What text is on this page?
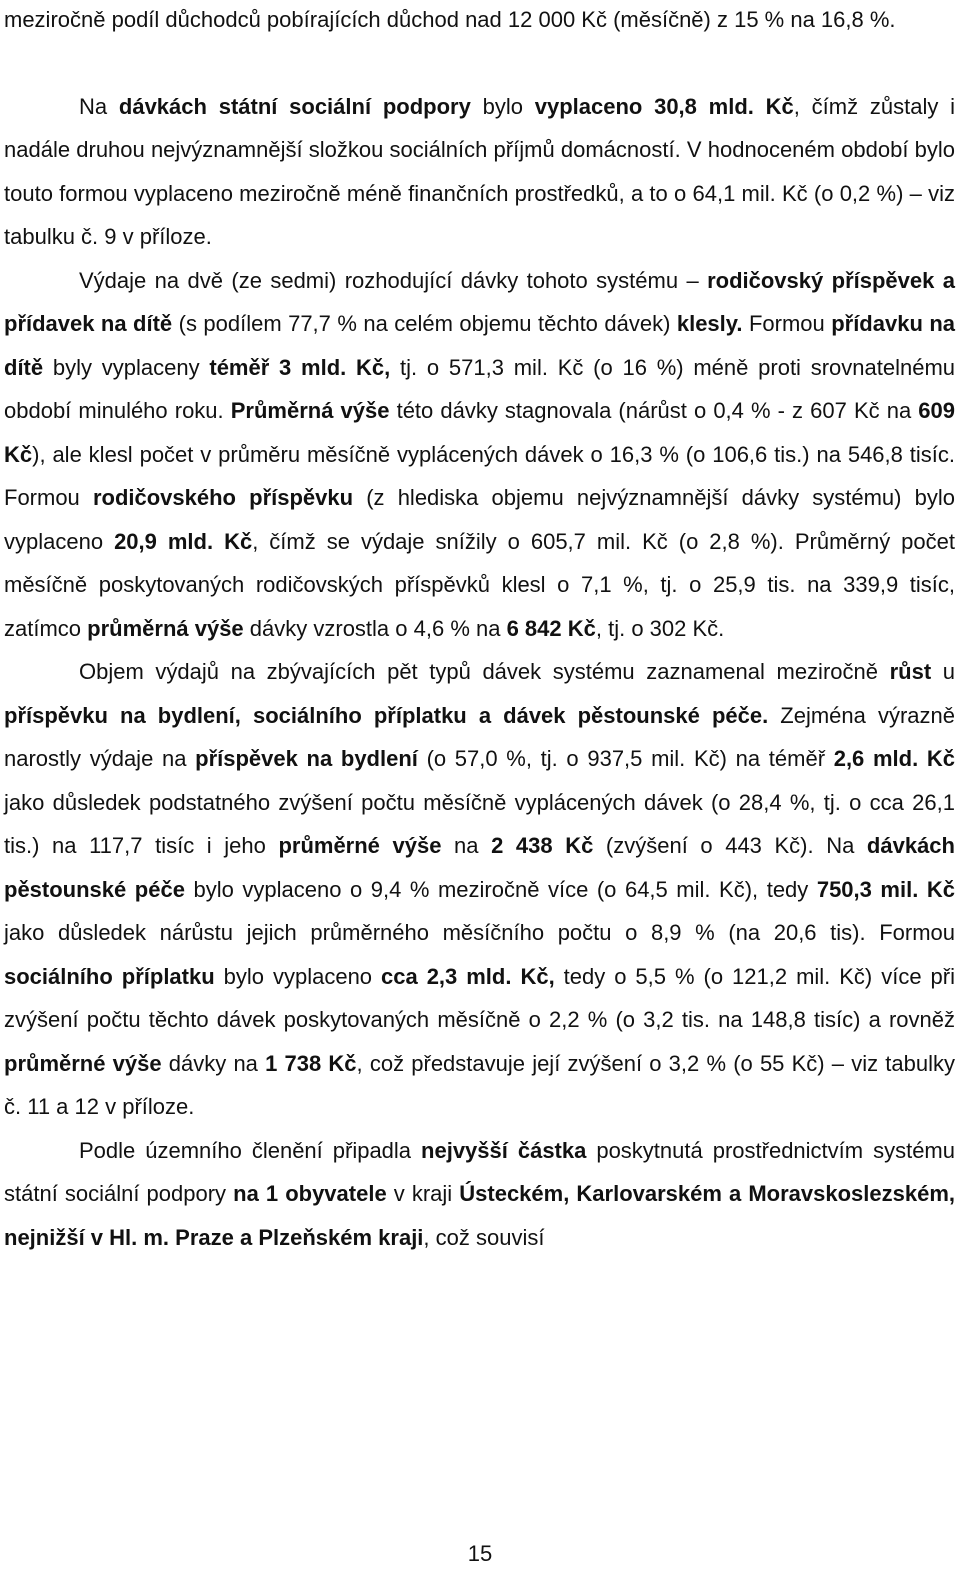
meziročně podíl důchodců pobírajících důchod nad 12 000 Kč (měsíčně) z 15 % na 16,8 %.

Na dávkách státní sociální podpory bylo vyplaceno 30,8 mld. Kč, čímž zůstaly i nadále druhou nejvýznamnější složkou sociálních příjmů domácností. V hodnoceném období bylo touto formou vyplaceno meziročně méně finančních prostředků, a to o 64,1 mil. Kč (o 0,2 %) – viz tabulku č. 9 v příloze.

Výdaje na dvě (ze sedmi) rozhodující dávky tohoto systému – rodičovský příspěvek a přídavek na dítě (s podílem 77,7 % na celém objemu těchto dávek) klesly. Formou přídavku na dítě byly vyplaceny téměř 3 mld. Kč, tj. o 571,3 mil. Kč (o 16 %) méně proti srovnatelnému období minulého roku. Průměrná výše této dávky stagnovala (nárůst o 0,4 % - z 607 Kč na 609 Kč), ale klesl počet v průměru měsíčně vyplácených dávek o 16,3 % (o 106,6 tis.) na 546,8 tisíc. Formou rodičovského příspěvku (z hlediska objemu nejvýznamnější dávky systému) bylo vyplaceno 20,9 mld. Kč, čímž se výdaje snížily o 605,7 mil. Kč (o 2,8 %). Průměrný počet měsíčně poskytovaných rodičovských příspěvků klesl o 7,1 %, tj. o 25,9 tis. na 339,9 tisíc, zatímco průměrná výše dávky vzrostla o 4,6 % na 6 842 Kč, tj. o 302 Kč.

Objem výdajů na zbývajících pět typů dávek systému zaznamenal meziročně růst u příspěvku na bydlení, sociálního příplatku a dávek pěstounské péče. Zejména výrazně narostly výdaje na příspěvek na bydlení (o 57,0 %, tj. o 937,5 mil. Kč) na téměř 2,6 mld. Kč jako důsledek podstatného zvýšení počtu měsíčně vyplácených dávek (o 28,4 %, tj. o cca 26,1 tis.) na 117,7 tisíc i jeho průměrné výše na 2 438 Kč (zvýšení o 443 Kč). Na dávkách pěstounské péče bylo vyplaceno o 9,4 % meziročně více (o 64,5 mil. Kč), tedy 750,3 mil. Kč jako důsledek nárůstu jejich průměrného měsíčního počtu o 8,9 % (na 20,6 tis). Formou sociálního příplatku bylo vyplaceno cca 2,3 mld. Kč, tedy o 5,5 % (o 121,2 mil. Kč) více při zvýšení počtu těchto dávek poskytovaných měsíčně o 2,2 % (o 3,2 tis. na 148,8 tisíc) a rovněž průměrné výše dávky na 1 738 Kč, což představuje její zvýšení o 3,2 % (o 55 Kč) – viz tabulky č. 11 a 12 v příloze.

Podle územního členění připadla nejvyšší částka poskytnutá prostřednictvím systému státní sociální podpory na 1 obyvatele v kraji Ústeckém, Karlovarském a Moravskoslezském, nejnižší v Hl. m. Praze a Plzeňském kraji, což souvisí

15
